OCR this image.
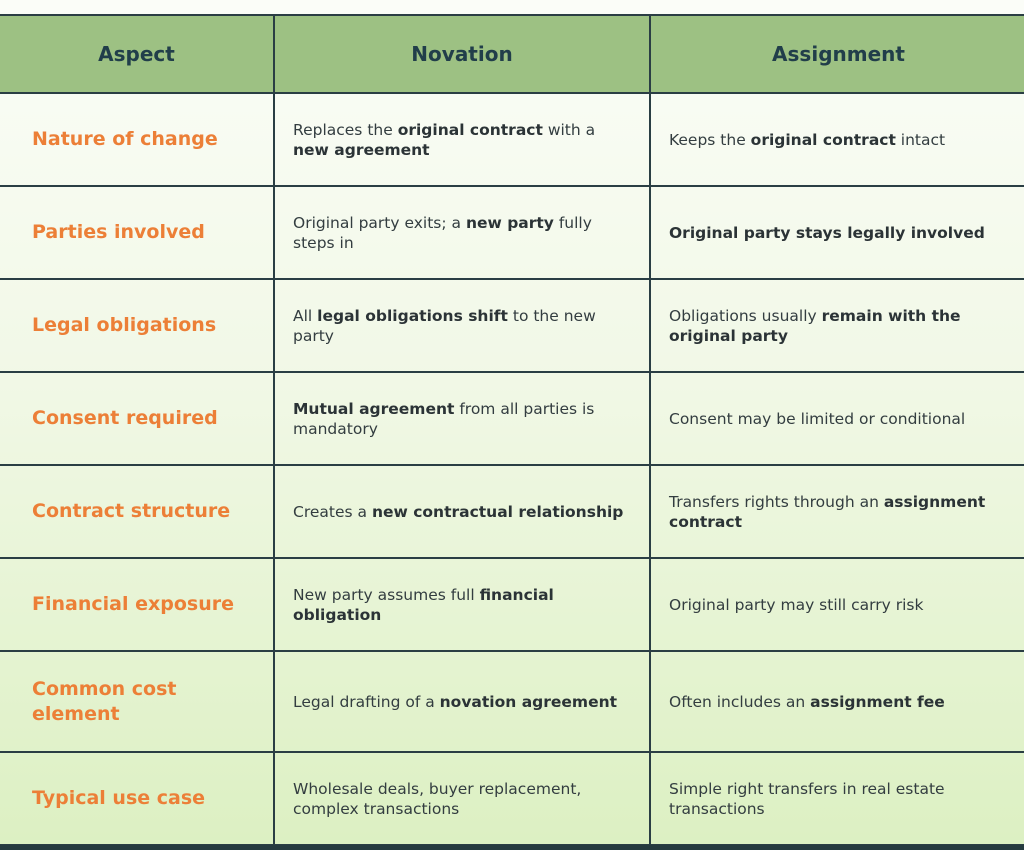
Aspect	Novation	Assignment
Nature of change	Replaces the original contract with a new agreement	Keeps the original contract intact
Parties involved	Original party exits; a new party fully steps in	Original party stays legally involved
Legal obligations	All legal obligations shift to the new party	Obligations usually remain with the original party
Consent required	Mutual agreement from all parties is mandatory	Consent may be limited or conditional
Contract structure	Creates a new contractual relationship	Transfers rights through an assignment contract
Financial exposure	New party assumes full financial obligation	Original party may still carry risk
Common cost element	Legal drafting of a novation agreement	Often includes an assignment fee
Typical use case	Wholesale deals, buyer replacement, complex transactions	Simple right transfers in real estate transactions
